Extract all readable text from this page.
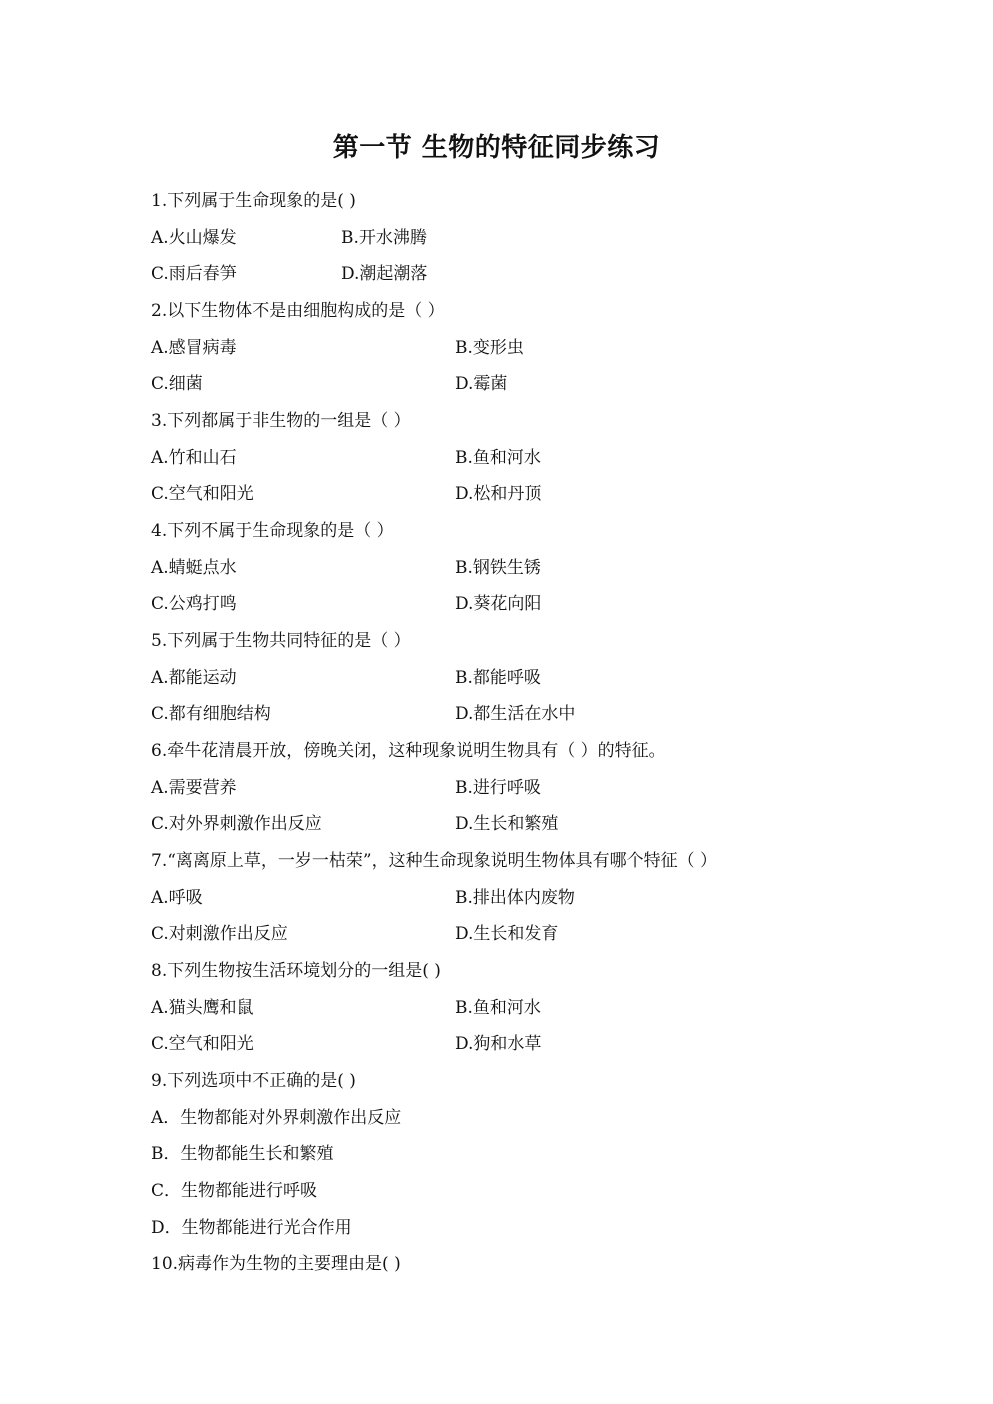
第一节 生物的特征同步练习
1.下列属于生命现象的是( )
A.火山爆发	B.开水沸腾
C.雨后春笋	D.潮起潮落
2.以下生物体不是由细胞构成的是（ ）
A.感冒病毒	B.变形虫
C.细菌	D.霉菌
3.下列都属于非生物的一组是（ ）
A.竹和山石	B.鱼和河水
C.空气和阳光	D.松和丹顶
4.下列不属于生命现象的是（ ）
A.蜻蜓点水	B.钢铁生锈
C.公鸡打鸣	D.葵花向阳
5.下列属于生物共同特征的是（ ）
A.都能运动	B.都能呼吸
C.都有细胞结构	D.都生活在水中
6.牵牛花清晨开放，傍晚关闭，这种现象说明生物具有（ ）的特征。
A.需要营养	B.进行呼吸
C.对外界刺激作出反应	D.生长和繁殖
7.“离离原上草，一岁一枯荣”，这种生命现象说明生物体具有哪个特征（ ）
A.呼吸	B.排出体内废物
C.对刺激作出反应	D.生长和发育
8.下列生物按生活环境划分的一组是( )
A.猫头鹰和鼠	B.鱼和河水
C.空气和阳光	D.狗和水草
9.下列选项中不正确的是( )
A．生物都能对外界刺激作出反应
B．生物都能生长和繁殖
C．生物都能进行呼吸
D．生物都能进行光合作用
10.病毒作为生物的主要理由是( )
